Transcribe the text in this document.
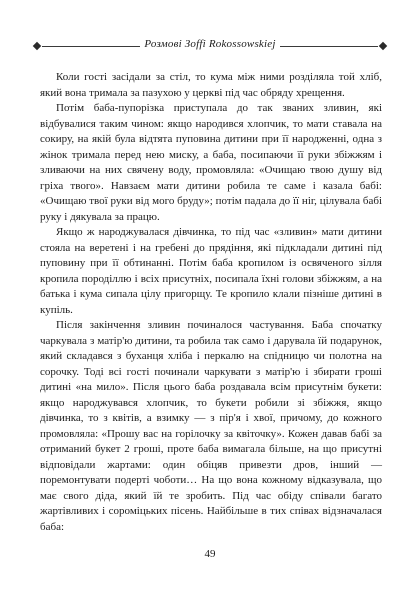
Розмові Зоffi Rokossowskiej

Коли гості засідали за стіл, то кума між ними розділяла той хліб, який вона тримала за пазухою у церкві під час обряду хрещення.

Потім баба-пупорізка приступала до так званих зливин, які відбувалися таким чином: якщо народився хлопчик, то мати ставала на сокиру, на якій була відтята пуповина дитини при її народженні, одна з жінок тримала перед нею миску, а баба, посипаючи її руки збіжжям і зливаючи на них свячену воду, промовляла: «Очищаю твою душу від гріха твого». Навзаєм мати дитини робила те саме і казала бабі: «Очищаю твої руки від мого бруду»; потім падала до її ніг, цілувала бабі руку і дякувала за працю.

Якщо ж народжувалася дівчинка, то під час «зливин» мати дитини стояла на веретені і на гребені до прядіння, які підкладали дитині під пуповину при її обтинанні. Потім баба кропилом із освяченого зілля кропила породіллю і всіх присутніх, посипала їхні голови збіжжям, а на батька і кума сипала цілу пригорщу. Те кропило клали пізніше дитині в купіль.

Після закінчення зливин починалося частування. Баба спочатку чаркувала з матір'ю дитини, та робила так само і дарувала їй подарунок, який складався з буханця хліба і перкалю на спідницю чи полотна на сорочку. Тоді всі гості починали чаркувати з матір'ю і збирати гроші дитині «на мило». Після цього баба роздавала всім присутнім букети: якщо народжувався хлопчик, то букети робили зі збіжжя, якщо дівчинка, то з квітів, а взимку — з пір'я і хвої, причому, до кожного промовляла: «Прошу вас на горілочку за квіточку». Кожен давав бабі за отриманий букет 2 гроші, проте баба вимагала більше, на що присутні відповідали жартами: один обіцяв привезти дров, інший — поремонтувати подерті чоботи… На що вона кожному відказувала, що має свого діда, який їй те зробить. Під час обіду співали багато жартівливих і сороміцьких пісень. Найбільше в тих співах відзначалася баба:

49
